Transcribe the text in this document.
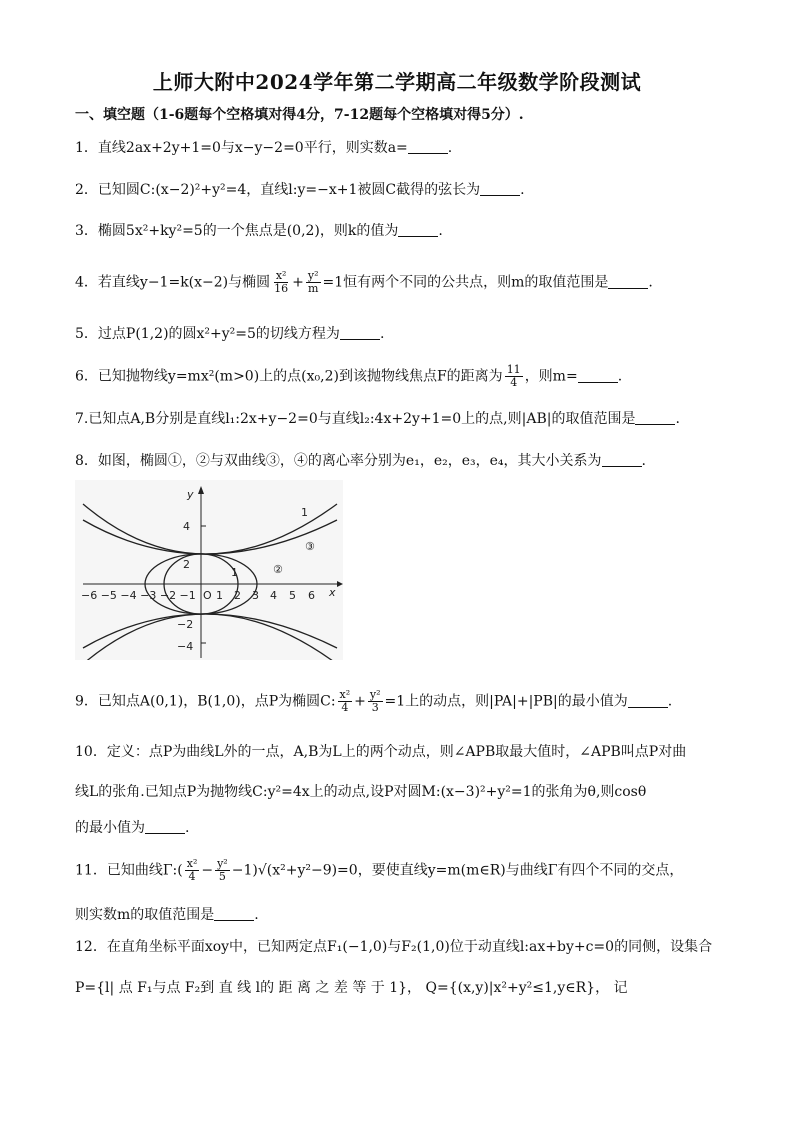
上师大附中2024学年第二学期高二年级数学阶段测试
一、填空题（1-6题每个空格填对得4分，7-12题每个空格填对得5分）.
1．直线2ax+2y+1=0与x−y−2=0平行，则实数a=	.
2．已知圆C:(x−2)²+y²=4，直线l:y=−x+1被圆C截得的弦长为	.
3．椭圆5x²+ky²=5的一个焦点是(0,2)，则k的值为	.
4．若直线y−1=k(x−2)与椭圆 $\frac{\text{x²}}{16} + \frac{\text{y²}}{m} =1$恒有两个不同的公共点，则m的取值范围是	.
5．过点P(1,2)的圆x²+y²=5的切线方程为	.
6．已知抛物线y=mx²(m>0)上的点(x₀,2)到该抛物线焦点F的距离为 $\frac{11}{4}$ ，则m=	.
7.已知点A,B分别是直线l₁:2x+y−2=0与直线l₂:4x+2y+1=0上的点,则|AB|的取值范围是	.
8．如图，椭圆①，②与双曲线③，④的离心率分别为e₁，e₂，e₃，e₄，其大小关系为	.
4
2
−2
−4
−6 −5 −4 −3 −2 −1 O 1 2 3 4 5 6
y
x
1
1	②
③
9．已知点A(0,1)，B(1,0)，点P为椭圆C: $\frac{\text{x²}}{4} + \frac{\text{y²}}{3} =1$上的动点，则|PA|+|PB|的最小值为	.
10．定义：点P为曲线L外的一点，A,B为L上的两个动点，则∠APB取最大值时，∠APB叫点P对曲
线L的张角.已知点P为抛物线C:y²=4x上的动点,设P对圆M:(x−3)²+y²=1的张角为θ,则cosθ
的最小值为	.
11．已知曲线Γ:( $\frac{\text{x²}}{4} - \frac{\text{y²}}{5} -1)√(x^2+y^2-9)=0$，要使直线y=m(m∈R)与曲线Γ有四个不同的交点，
则实数m的取值范围是	.
12．在直角坐标平面xoy中，已知两定点F₁(−1,0)与F₂(1,0)位于动直线l:ax+by+c=0的同侧，设集合
P={l| 点 F₁与点 F₂到 直 线 l的 距 离 之 差 等 于 1}， Q={(x,y)|x²+y²≤1,y∈R}， 记
